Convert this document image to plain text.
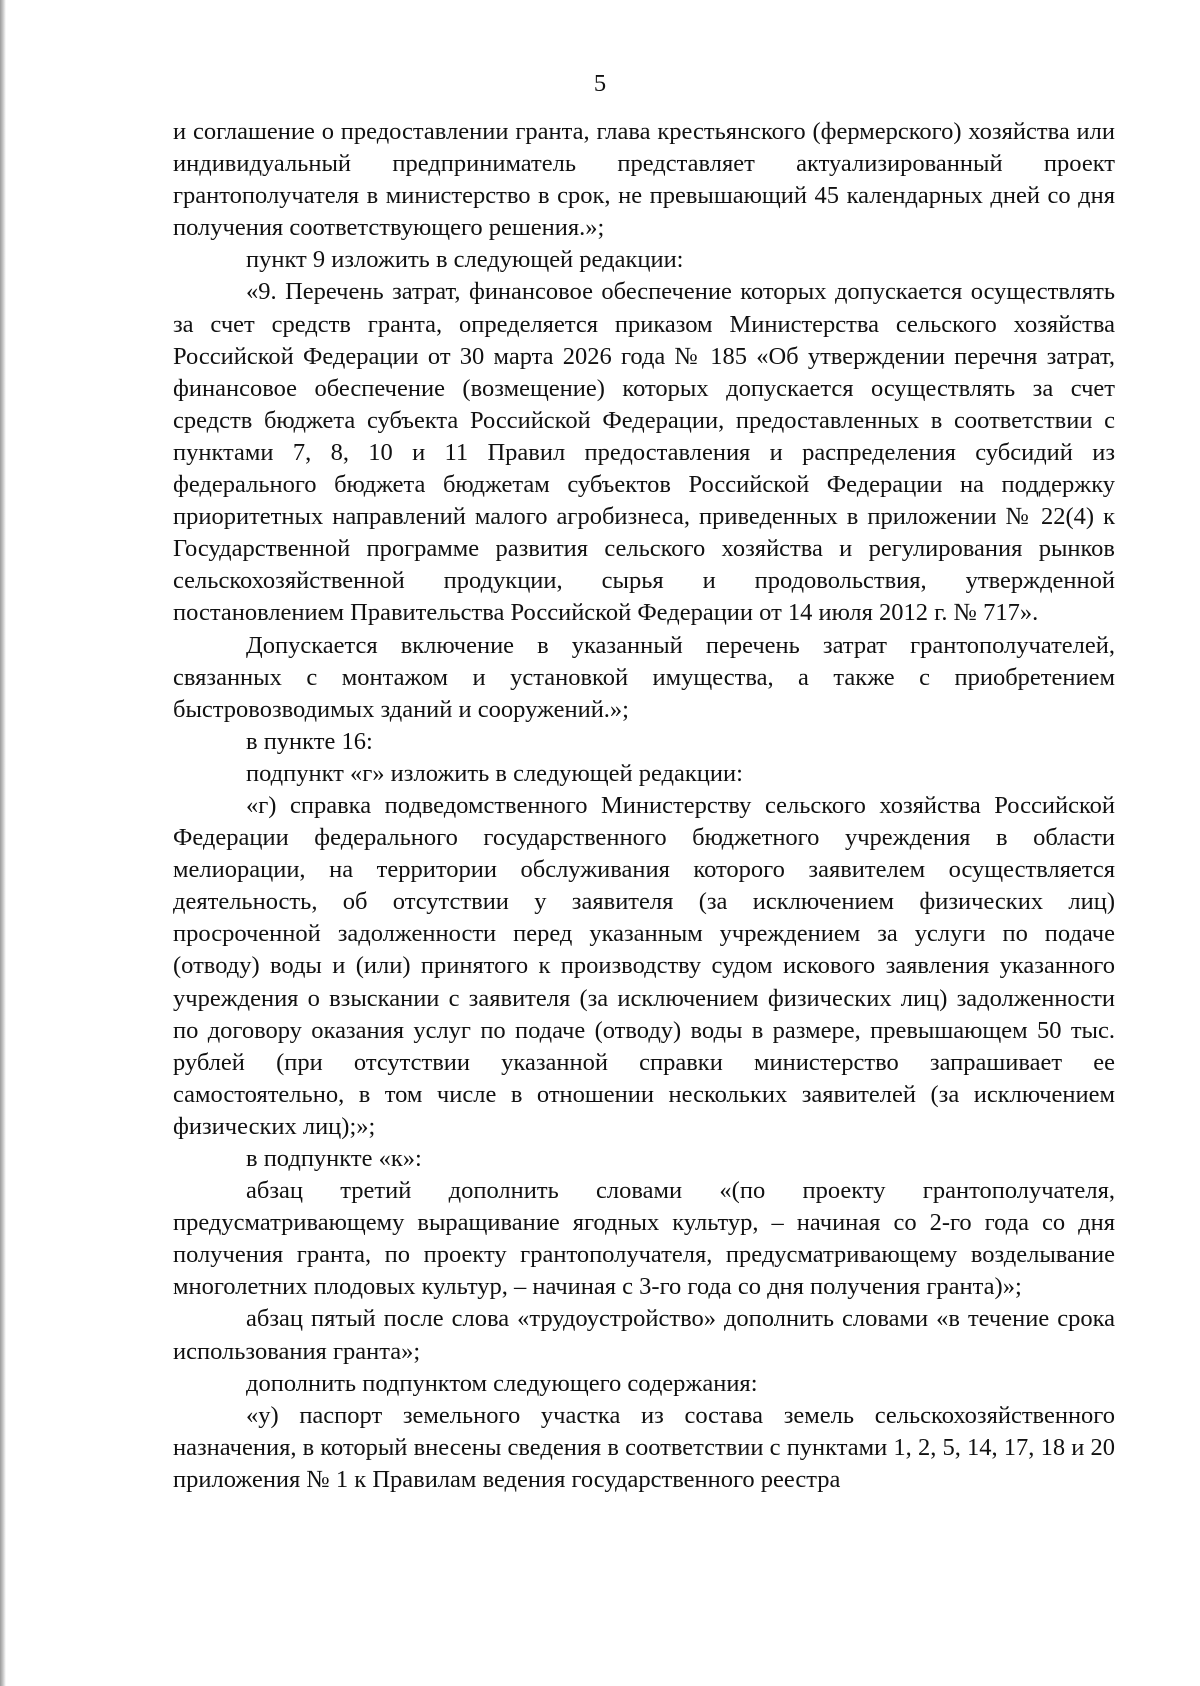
5

и соглашение о предоставлении гранта, глава крестьянского (фермерского) хозяйства или индивидуальный предприниматель представляет актуализированный проект грантополучателя в министерство в срок, не превышающий 45 календарных дней со дня получения соответствующего решения.»;

пункт 9 изложить в следующей редакции:

«9. Перечень затрат, финансовое обеспечение которых допускается осуществлять за счет средств гранта, определяется приказом Министерства сельского хозяйства Российской Федерации от 30 марта 2026 года № 185 «Об утверждении перечня затрат, финансовое обеспечение (возмещение) которых допускается осуществлять за счет средств бюджета субъекта Российской Федерации, предоставленных в соответствии с пунктами 7, 8, 10 и 11 Правил предоставления и распределения субсидий из федерального бюджета бюджетам субъектов Российской Федерации на поддержку приоритетных направлений малого агробизнеса, приведенных в приложении № 22(4) к Государственной программе развития сельского хозяйства и регулирования рынков сельскохозяйственной продукции, сырья и продовольствия, утвержденной постановлением Правительства Российской Федерации от 14 июля 2012 г. № 717».

Допускается включение в указанный перечень затрат грантополучателей, связанных с монтажом и установкой имущества, а также с приобретением быстровозводимых зданий и сооружений.»;

в пункте 16:

подпункт «г» изложить в следующей редакции:

«г) справка подведомственного Министерству сельского хозяйства Российской Федерации федерального государственного бюджетного учреждения в области мелиорации, на территории обслуживания которого заявителем осуществляется деятельность, об отсутствии у заявителя (за исключением физических лиц) просроченной задолженности перед указанным учреждением за услуги по подаче (отводу) воды и (или) принятого к производству судом искового заявления указанного учреждения о взыскании с заявителя (за исключением физических лиц) задолженности по договору оказания услуг по подаче (отводу) воды в размере, превышающем 50 тыс. рублей (при отсутствии указанной справки министерство запрашивает ее самостоятельно, в том числе в отношении нескольких заявителей (за исключением физических лиц);»;

в подпункте «к»:

абзац третий дополнить словами «(по проекту грантополучателя, предусматривающему выращивание ягодных культур, – начиная со 2-го года со дня получения гранта, по проекту грантополучателя, предусматривающему возделывание многолетних плодовых культур, – начиная с 3-го года со дня получения гранта)»;

абзац пятый после слова «трудоустройство» дополнить словами «в течение срока использования гранта»;

дополнить подпунктом следующего содержания:

«у) паспорт земельного участка из состава земель сельскохозяйственного назначения, в который внесены сведения в соответствии с пунктами 1, 2, 5, 14, 17, 18 и 20 приложения № 1 к Правилам ведения государственного реестра
